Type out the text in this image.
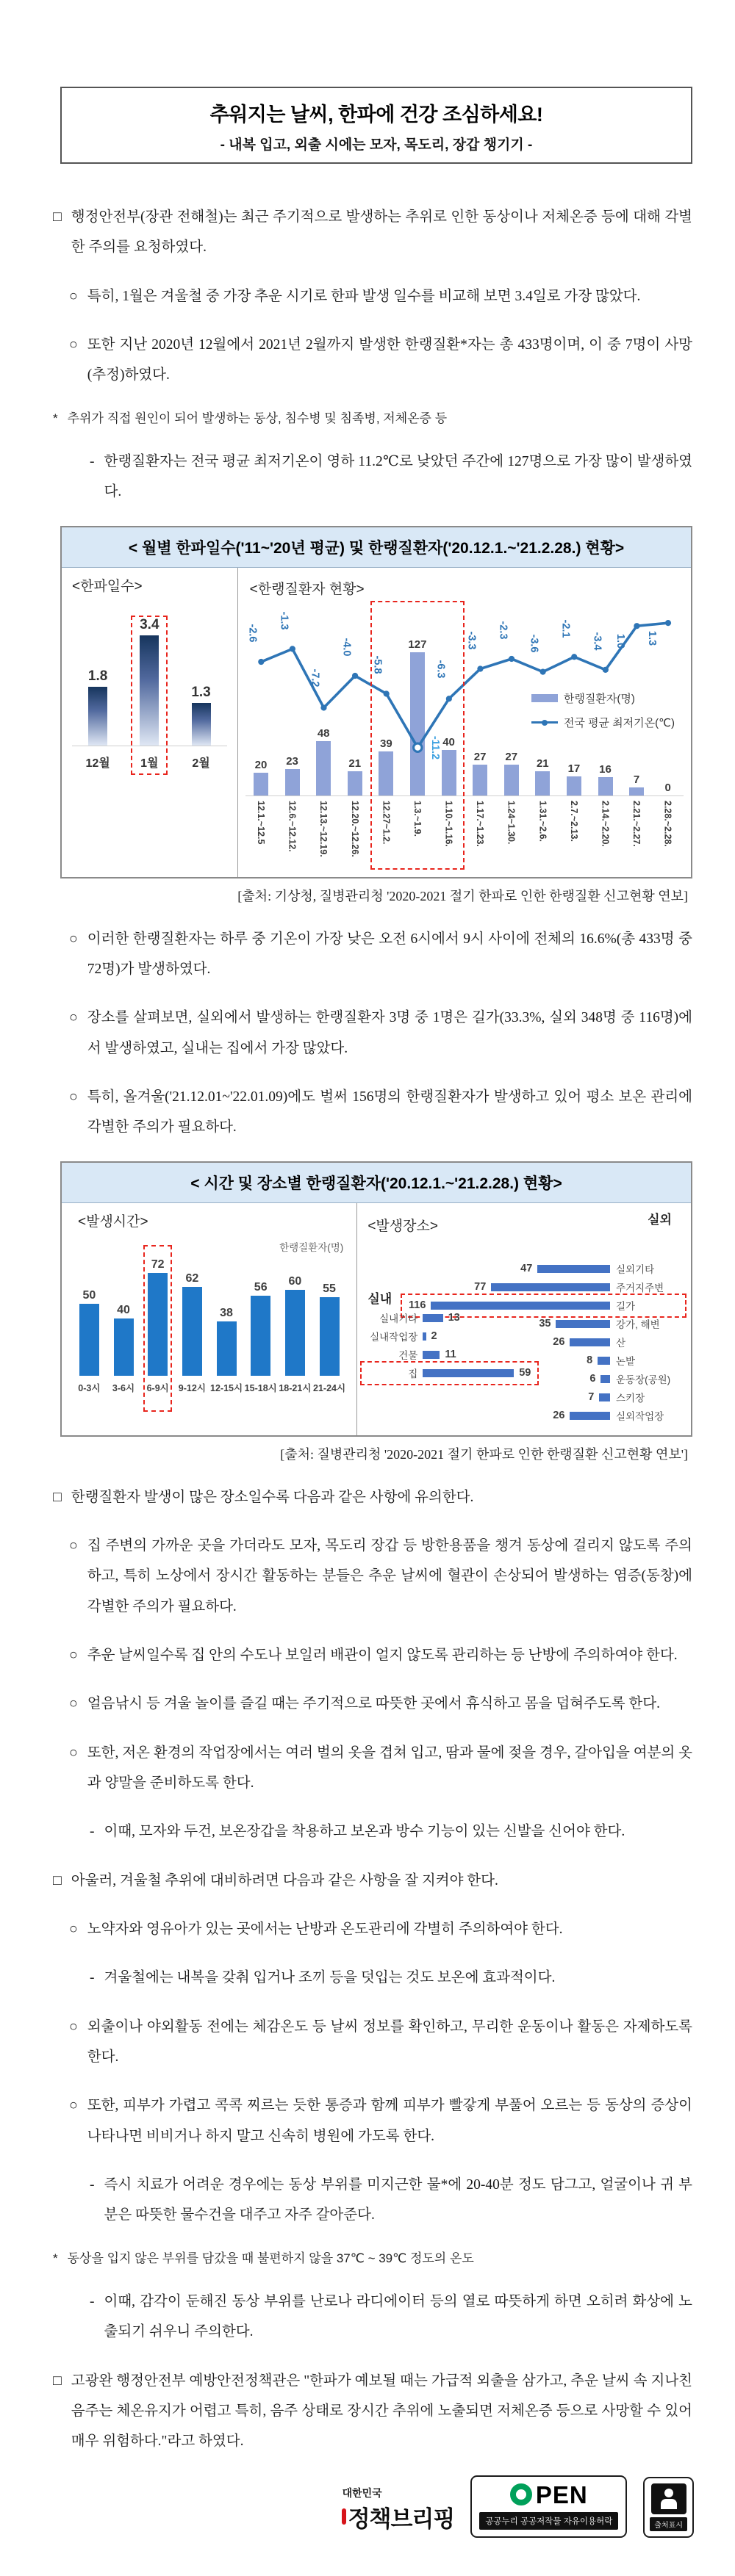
추워지는 날씨, 한파에 건강 조심하세요!
- 내복 입고, 외출 시에는 모자, 목도리, 장갑 챙기기 -
□ 행정안전부(장관 전해철)는 최근 주기적으로 발생하는 추위로 인한 동상이나 저체온증 등에 대해 각별한 주의를 요청하였다.
○ 특히, 1월은 겨울철 중 가장 추운 시기로 한파 발생 일수를 비교해 보면 3.4일로 가장 많았다.
○ 또한 지난 2020년 12월에서 2021년 2월까지 발생한 한랭질환*자는 총 433명이며, 이 중 7명이 사망(추정)하였다.
* 추위가 직접 원인이 되어 발생하는 동상, 침수병 및 침족병, 저체온증 등
- 한랭질환자는 전국 평균 최저기온이 영하 11.2℃로 낮았던 주간에 127명으로 가장 많이 발생하였다.
< 월별 한파일수('11~'20년 평균) 및 한랭질환자('20.12.1.~'21.2.28.) 현황>
<한파일수>
1.8
3.4
1.3
12월	1월	2월
<한랭질환자 현황>
20 23
48
21
39
127
40
27 27
21 17 16
7
0
-2.6
-1.3
-7.2
-4.0
-5.8
-11.2
-6.3
-3.3
-2.3
-3.6
-2.1
-3.4 1.0 1.3
한랭질환자(명)
전국 평균 최저기온(℃)
12.1.~12.5	12.6.~12.12.	12.13.~12.19.	12.20.~12.26.	12.27~1.2.	1.3.~1.9.	1.10.~1.16.	1.17.~1.23.	1.24~1.30.	1.31.~2.6.	2.7.~2.13.	2.14.~2.20.	2.21.~2.27.	2.28.~2.28.
[출처: 기상청, 질병관리청 '2020-2021 절기 한파로 인한 한랭질환 신고현황 연보]
○ 이러한 한랭질환자는 하루 중 기온이 가장 낮은 오전 6시에서 9시 사이에 전체의 16.6%(총 433명 중 72명)가 발생하였다.
○ 장소를 살펴보면, 실외에서 발생하는 한랭질환자 3명 중 1명은 길가(33.3%, 실외 348명 중 116명)에서 발생하였고, 실내는 집에서 가장 많았다.
○ 특히, 올겨울('21.12.01~'22.01.09)에도 벌써 156명의 한랭질환자가 발생하고 있어 평소 보온 관리에 각별한 주의가 필요하다.
< 시간 및 장소별 한랭질환자('20.12.1.~'21.2.28.) 현황>
<발생시간>
한랭질환자(명)
50
40
72
62
38
56 60
55
0-3시	3-6시	6-9시	9-12시 12-15시 15-18시 18-21시 21-24시
<발생장소>	실외
47	실외기타
77	주거지주변
116	길가
35	강가, 해변
26	산
8 논밭
6 운동장(공원)
7 스키장
26	실외작업장
실내
실내기타	13
실내작업장 2
건물	11
집	59
[출처: 질병관리청 '2020-2021 절기 한파로 인한 한랭질환 신고현황 연보']
□ 한랭질환자 발생이 많은 장소일수록 다음과 같은 사항에 유의한다.
○ 집 주변의 가까운 곳을 가더라도 모자, 목도리 장갑 등 방한용품을 챙겨 동상에 걸리지 않도록 주의하고, 특히 노상에서 장시간 활동하는 분들은 추운 날씨에 혈관이 손상되어 발생하는 염증(동창)에 각별한 주의가 필요하다.
○ 추운 날씨일수록 집 안의 수도나 보일러 배관이 얼지 않도록 관리하는 등 난방에 주의하여야 한다.
○ 얼음낚시 등 겨울 놀이를 즐길 때는 주기적으로 따뜻한 곳에서 휴식하고 몸을 덥혀주도록 한다.
○ 또한, 저온 환경의 작업장에서는 여러 벌의 옷을 겹쳐 입고, 땀과 물에 젖을 경우, 갈아입을 여분의 옷과 양말을 준비하도록 한다.
- 이때, 모자와 두건, 보온장갑을 착용하고 보온과 방수 기능이 있는 신발을 신어야 한다.
□ 아울러, 겨울철 추위에 대비하려면 다음과 같은 사항을 잘 지켜야 한다.
○ 노약자와 영유아가 있는 곳에서는 난방과 온도관리에 각별히 주의하여야 한다.
- 겨울철에는 내복을 갖춰 입거나 조끼 등을 덧입는 것도 보온에 효과적이다.
○ 외출이나 야외활동 전에는 체감온도 등 날씨 정보를 확인하고, 무리한 운동이나 활동은 자제하도록 한다.
○ 또한, 피부가 가렵고 콕콕 찌르는 듯한 통증과 함께 피부가 빨갛게 부풀어 오르는 등 동상의 증상이 나타나면 비비거나 하지 말고 신속히 병원에 가도록 한다.
- 즉시 치료가 어려운 경우에는 동상 부위를 미지근한 물*에 20-40분 정도 담그고, 얼굴이나 귀 부분은 따뜻한 물수건을 대주고 자주 갈아준다.
* 동상을 입지 않은 부위를 담갔을 때 불편하지 않을 37℃ ~ 39℃ 정도의 온도
- 이때, 감각이 둔해진 동상 부위를 난로나 라디에이터 등의 열로 따뜻하게 하면 오히려 화상에 노출되기 쉬우니 주의한다.
□ 고광완 행정안전부 예방안전정책관은 "한파가 예보될 때는 가급적 외출을 삼가고, 추운 날씨 속 지나친 음주는 체온유지가 어렵고 특히, 음주 상태로 장시간 추위에 노출되면 저체온증 등으로 사망할 수 있어 매우 위험하다."라고 하였다.
대한민국
정책브리핑
PEN
공공누리 공공저작물 자유이용허락	출처표시
